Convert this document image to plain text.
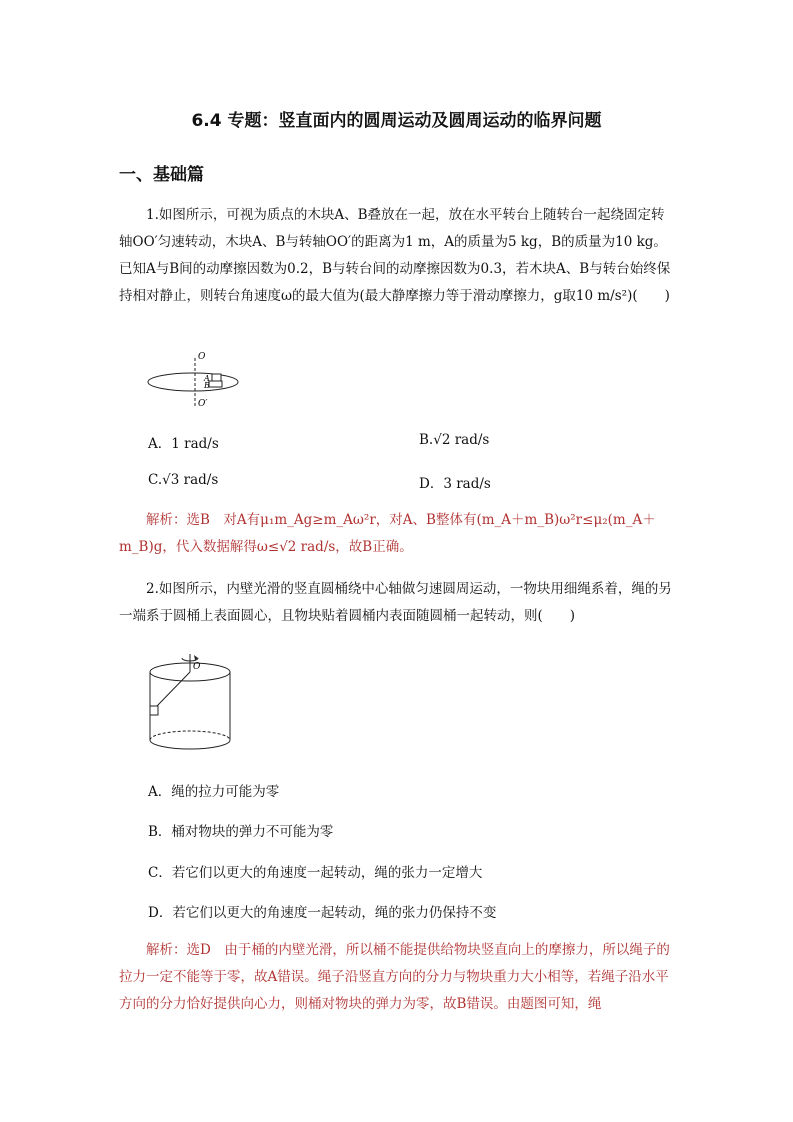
6.4 专题：竖直面内的圆周运动及圆周运动的临界问题
一、基础篇

1.如图所示，可视为质点的木块A、B叠放在一起，放在水平转台上随转台一起绕固定转轴OO′匀速转动，木块A、B与转轴OO′的距离为1 m，A的质量为5 kg，B的质量为10 kg。已知A与B间的动摩擦因数为0.2，B与转台间的动摩擦因数为0.3，若木块A、B与转台始终保持相对静止，则转台角速度ω的最大值为(最大静摩擦力等于滑动摩擦力，g取10 m/s²)(　　)

O
O′
A
B
A．1 rad/s	B.√2 rad/s
C.√3 rad/s	D．3 rad/s

解析：选B　对A有μ₁m_Ag≥m_Aω²r，对A、B整体有(m_A＋m_B)ω²r≤μ₂(m_A＋m_B)g，代入数据解得ω≤√2 rad/s，故B正确。

2.如图所示，内壁光滑的竖直圆桶绕中心轴做匀速圆周运动，一物块用细绳系着，绳的另一端系于圆桶上表面圆心，且物块贴着圆桶内表面随圆桶一起转动，则(　　)

O
A．绳的拉力可能为零
B．桶对物块的弹力不可能为零
C．若它们以更大的角速度一起转动，绳的张力一定增大
D．若它们以更大的角速度一起转动，绳的张力仍保持不变

解析：选D　由于桶的内壁光滑，所以桶不能提供给物块竖直向上的摩擦力，所以绳子的拉力一定不能等于零，故A错误。绳子沿竖直方向的分力与物块重力大小相等，若绳子沿水平方向的分力恰好提供向心力，则桶对物块的弹力为零，故B错误。由题图可知，绳
